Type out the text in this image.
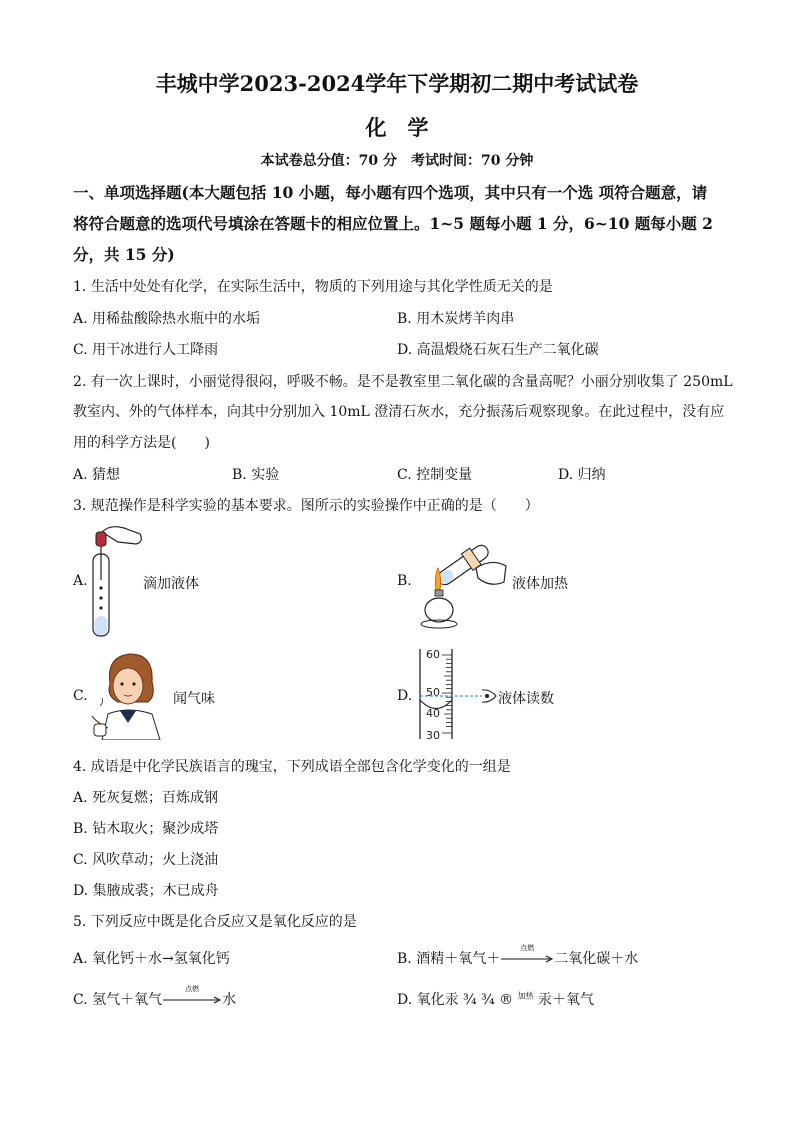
丰城中学2023-2024学年下学期初二期中考试试卷
化　学
本试卷总分值：70 分　考试时间：70 分钟
一、单项选择题(本大题包括 10 小题，每小题有四个选项，其中只有一个选 项符合题意，请
将符合题意的选项代号填涂在答题卡的相应位置上。1~5 题每小题 1 分，6~10 题每小题 2
分，共 15 分)
1. 生活中处处有化学，在实际生活中，物质的下列用途与其化学性质无关的是
A. 用稀盐酸除热水瓶中的水垢	B. 用木炭烤羊肉串
C. 用干冰进行人工降雨	D. 高温煅烧石灰石生产二氧化碳
2. 有一次上课时，小丽觉得很闷，呼吸不畅。是不是教室里二氧化碳的含量高呢？小丽分别收集了 250mL
教室内、外的气体样本，向其中分别加入 10mL 澄清石灰水，充分振荡后观察现象。在此过程中，没有应
用的科学方法是(　　)
A. 猜想	B. 实验	C. 控制变量	D. 归纳
3. 规范操作是科学实验的基本要求。图所示的实验操作中正确的是（　　）
A.	滴加液体	B.	液体加热
C.	闻气味	D.
60
50
40
30
液体读数
4. 成语是中化学民族语言的瑰宝，下列成语全部包含化学变化的一组是
A. 死灰复燃；百炼成钢
B. 钻木取火；聚沙成塔
C. 风吹草动；火上浇油
D. 集腋成裘；木已成舟
5. 下列反应中既是化合反应又是氧化反应的是
A. 氧化钙＋水→氢氧化钙	B. 酒精＋氧气＋
点燃
二氧化碳＋水
C. 氢气＋氧气
点燃
水	D. 氧化汞 ¾ ¾ ® $^{加热}$ 汞＋氧气
